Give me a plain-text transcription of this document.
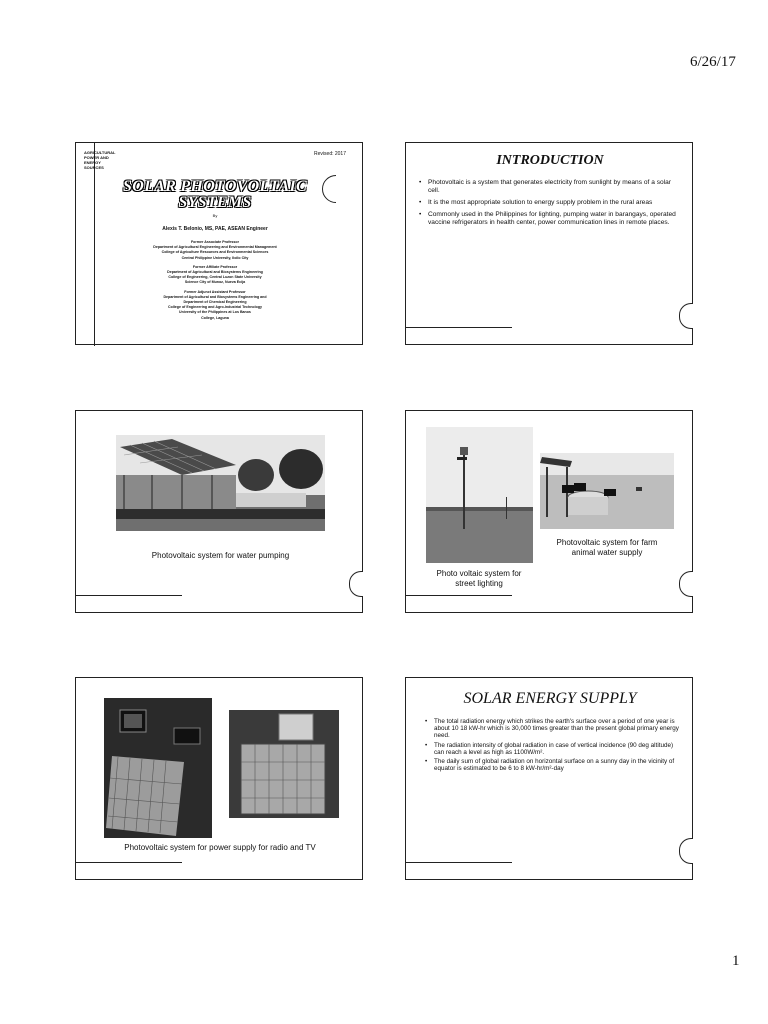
6/26/17
AGRICULTURAL
POWER AND
ENERGY
SOURCES
Revised: 2017
SOLAR PHOTOVOLTAIC
SYSTEMS
By
Alexis T. Belonio, MS, PAE, ASEAN Engineer
Former Associate Professor
Department of Agricultural Engineering and Environmental Management
College of Agriculture Resources and Environmental Sciences
Central Philippine University, Iloilo City
Former Affiliate Professor
Department of Agricultural and Biosystems Engineering
College of Engineering, Central Luzon State University
Science City of Munoz, Nueva Ecija
Former Adjunct Assistant Professor
Department of Agricultural and Biosystems Engineering and
Department of Chemical Engineering
College of Engineering and Agro-Industrial Technology
University of the Philippines at Los Banos
College, Laguna
INTRODUCTION
• Photovoltaic is a system that generates electricity from sunlight by means of a solar cell.
• It is the most appropriate solution to energy supply problem in the rural areas
• Commonly used in the Philippines for lighting, pumping water in barangays, operated vaccine refrigerators in health center, power communication lines in remote places.
Photovoltaic system for water pumping
Photo voltaic system for
street lighting
Photovoltaic system for farm
animal water supply
Photovoltaic system for power supply for radio and TV
SOLAR ENERGY SUPPLY
• The total radiation energy which strikes the earth's surface over a period of one year is about 10 18 kW-hr which is 30,000 times greater than the present global primary energy need.
• The radiation intensity of global radiation in case of vertical incidence (90 deg altitude) can reach a level as high as 1100W/m².
• The daily sum of global radiation on horizontal surface on a sunny day in the vicinity of equator is estimated to be 6 to 8 kW-hr/m²-day
1
